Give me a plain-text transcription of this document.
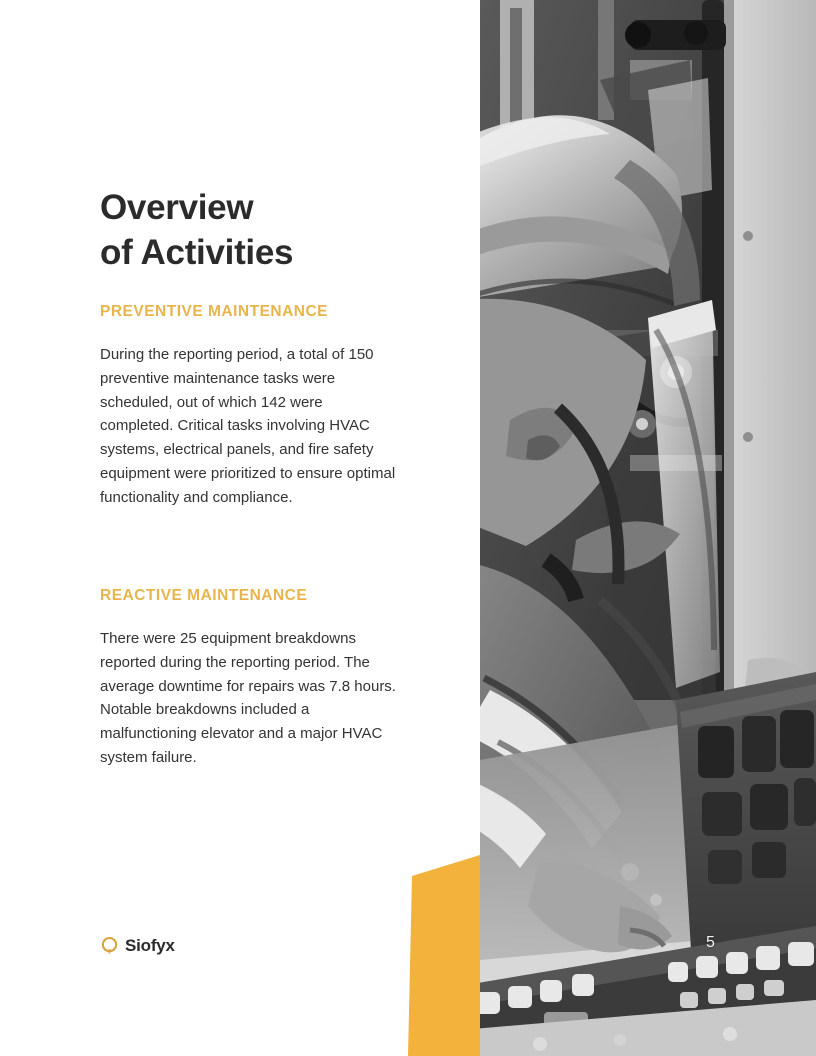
Overview
of Activities
PREVENTIVE MAINTENANCE

During the reporting period, a total of 150 preventive maintenance tasks were scheduled, out of which 142 were completed. Critical tasks involving HVAC systems, electrical panels, and fire safety equipment were prioritized to ensure optimal functionality and compliance.

REACTIVE MAINTENANCE

There were 25 equipment breakdowns reported during the reporting period. The average downtime for repairs was 7.8 hours. Notable breakdowns included a malfunctioning elevator and a major HVAC system failure.

Siofyx	5
